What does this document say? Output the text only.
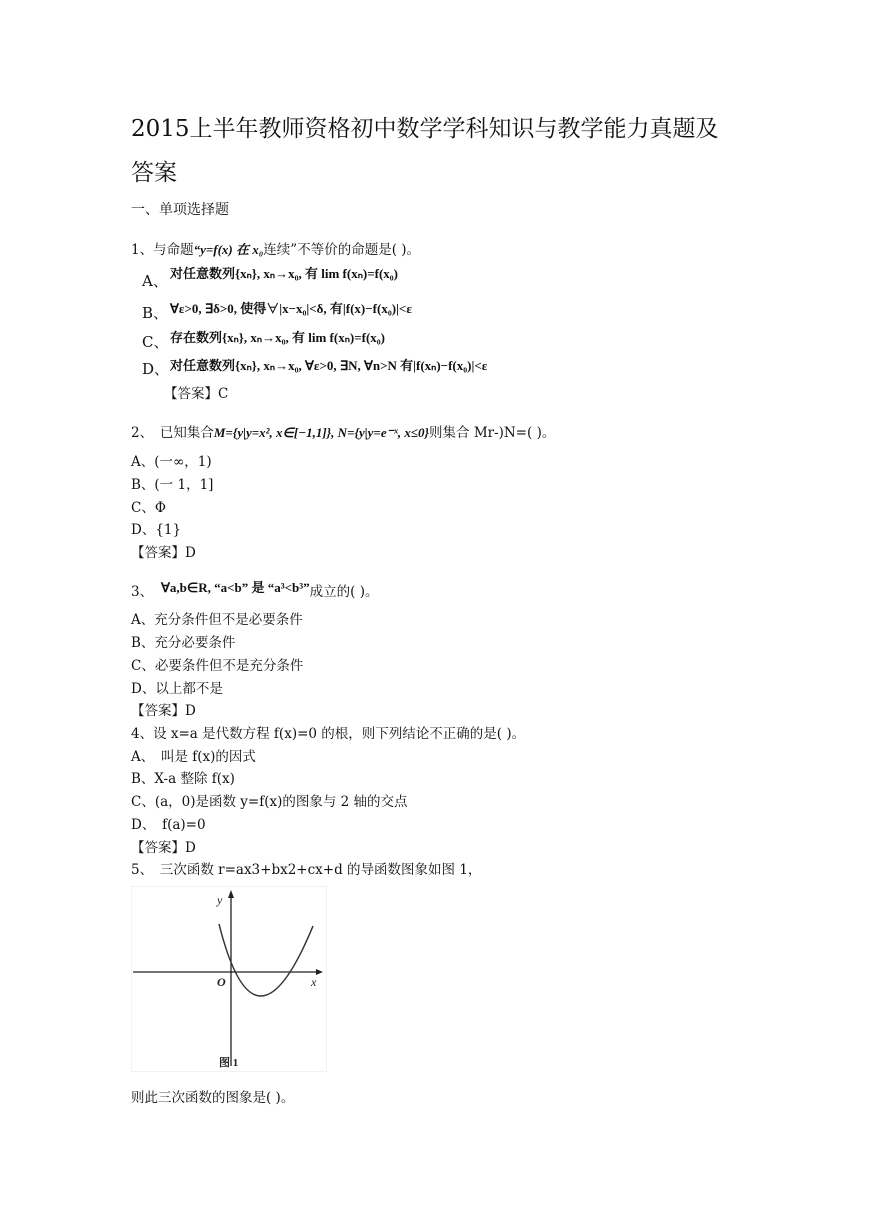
2015上半年教师资格初中数学学科知识与教学能力真题及
答案
一、单项选择题
1、与命题“y=f(x) 在 x₀连续”不等价的命题是( )。
A、 对任意数列{xₙ}, xₙ→x₀, 有 lim f(xₙ)=f(x₀)
B、 ∀ε>0, ∃δ>0, 使得∀|x−x₀|<δ, 有|f(x)−f(x₀)|<ε
C、 存在数列{xₙ}, xₙ→x₀, 有 lim f(xₙ)=f(x₀)
D、对任意数列{xₙ}, xₙ→x₀, ∀ε>0, ∃N, ∀n>N 有|f(xₙ)−f(x₀)|<ε
【答案】C
2、　已知集合M={y|y=x², x∈[−1,1]}, N={y|y=e⁻ˣ, x≤0}则集合 Mr-)N=( )。
A、(一∞，1)
B、(一 1，1]
C、Φ
D、{1}
【答案】D
3、 ∀a,b∈R, “a<b” 是 “a³<b³”成立的( )。
A、充分条件但不是必要条件
B、充分必要条件
C、必要条件但不是充分条件
D、以上都不是
【答案】D
4、设 x=a 是代数方程 f(x)=0 的根，则下列结论不正确的是( )。
A、　叫是 f(x)的因式
B、X-a 整除 f(x)
C、(a，0)是函数 y=f(x)的图象与 2 轴的交点
D、　f(a)=0
【答案】D
5、　三次函数 r=ax3+bx2+cx+d 的导函数图象如图 1，
y
x
O
图 1
则此三次函数的图象是( )。
